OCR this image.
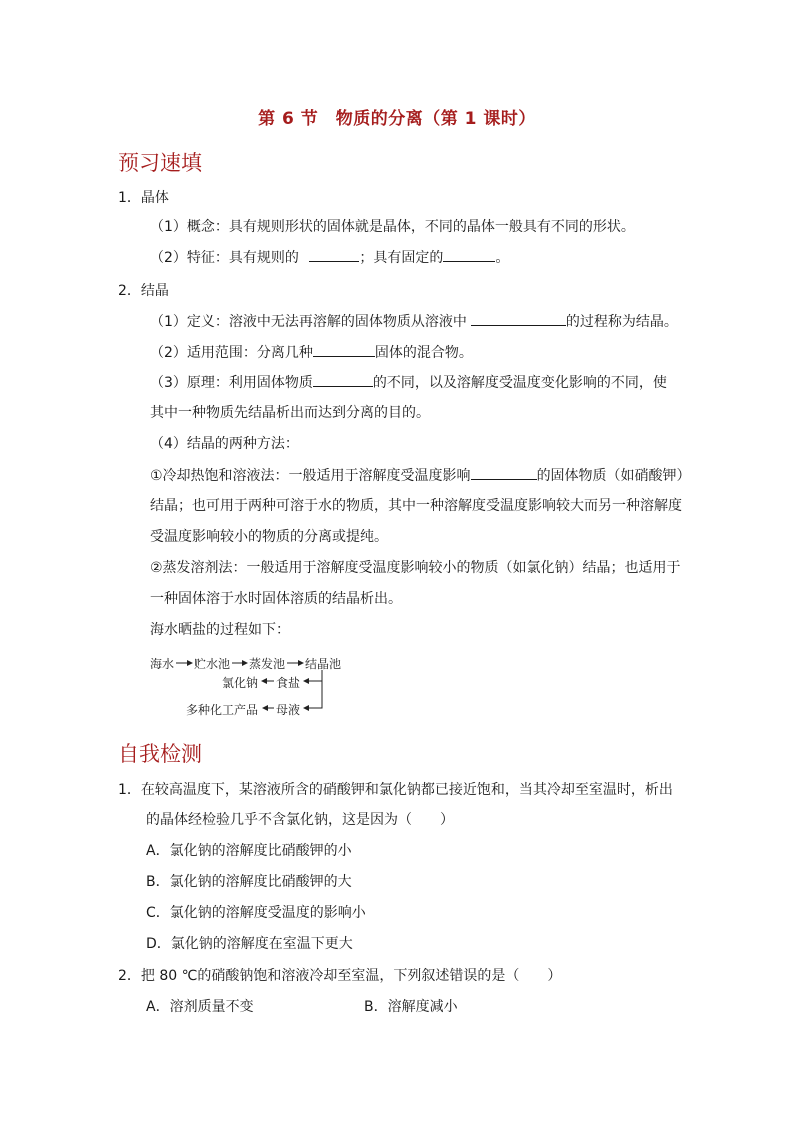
第 6 节　物质的分离（第 1 课时）
预习速填
1．晶体
（1）概念：具有规则形状的固体就是晶体，不同的晶体一般具有不同的形状。
（2）特征：具有规则的	；具有固定的	。
2．结晶
（1）定义：溶液中无法再溶解的固体物质从溶液中	的过程称为结晶。
（2）适用范围：分离几种	固体的混合物。
（3）原理：利用固体物质	的不同，以及溶解度受温度变化影响的不同，使
其中一种物质先结晶析出而达到分离的目的。
（4）结晶的两种方法：
①冷却热饱和溶液法：一般适用于溶解度受温度影响	的固体物质（如硝酸钾）
结晶；也可用于两种可溶于水的物质，其中一种溶解度受温度影响较大而另一种溶解度
受温度影响较小的物质的分离或提纯。
②蒸发溶剂法：一般适用于溶解度受温度影响较小的物质（如氯化钠）结晶；也适用于
一种固体溶于水时固体溶质的结晶析出。
海水晒盐的过程如下：
海水 贮水池 蒸发池 结晶池
氯化钠 食盐
多种化工产品 母液
自我检测
1．在较高温度下，某溶液所含的硝酸钾和氯化钠都已接近饱和，当其冷却至室温时，析出
的晶体经检验几乎不含氯化钠，这是因为（　　）
A．氯化钠的溶解度比硝酸钾的小
B．氯化钠的溶解度比硝酸钾的大
C．氯化钠的溶解度受温度的影响小
D．氯化钠的溶解度在室温下更大
2．把 80 ℃的硝酸钠饱和溶液冷却至室温，下列叙述错误的是（　　）
A．溶剂质量不变	B．溶解度减小
